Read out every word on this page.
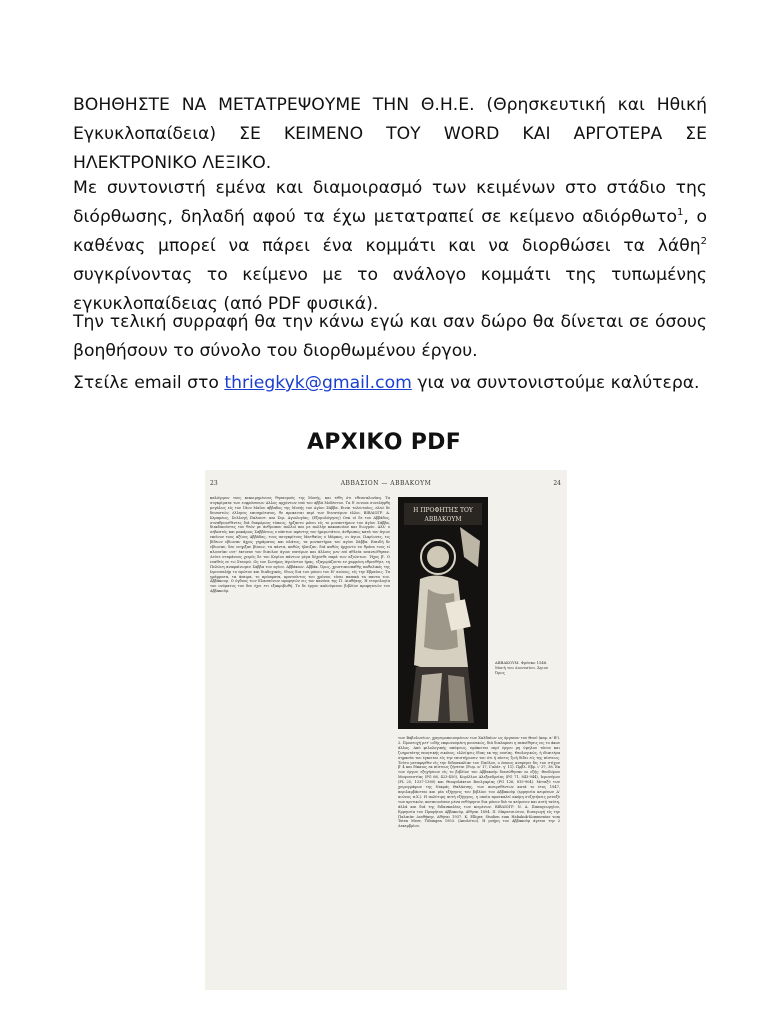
ΒΟΗΘΗΣΤΕ ΝΑ ΜΕΤΑΤΡΕΨΟΥΜΕ ΤΗΝ Θ.Η.Ε. (Θρησκευτική και Ηθική Εγκυκλοπαίδεια) ΣΕ ΚΕΙΜΕΝΟ ΤΟΥ WORD ΚΑΙ ΑΡΓΟΤΕΡΑ ΣΕ ΗΛΕΚΤΡΟΝΙΚΟ ΛΕΞΙΚΟ.

Με συντονιστή εμένα και διαμοιρασμό των κειμένων στο στάδιο της διόρθωσης, δηλαδή αφού τα έχω μετατραπεί σε κείμενο αδιόρθωτο$^1$, ο καθένας μπορεί να πάρει ένα κομμάτι και να διορθώσει τα λάθη$^2$ συγκρίνοντας το κείμενο με το ανάλογο κομμάτι της τυπωμένης εγκυκλοπαίδειας (από PDF φυσικά).

Την τελική συρραφή θα την κάνω εγώ και σαν δώρο θα δίνεται σε όσους βοηθήσουν το σύνολο του διορθωμένου έργου.

Στείλε email στο thriegkyk@gmail.com για να συντονιστούμε καλύτερα.

ΑΡΧΙΚΟ PDF
23	ΑΒΒΑΣΙΟΝ — ΑΒΒΑΚΟΥΜ	24
καλόγερον τους κεκοιμημένους θησαυρούς της Μονής, και τέθη ότι εθεσσαλονίκη. Τα συγκρίματα των ευφρόσυνων Αλλος αρχόντων υπό του αββά Μοδέστου. Τα δ' εννοια συνελήφθη μεγάλως είς τον 18ου Μαΐου αββαδος της Μονής του Αγίου Σάββα. Ειναι τελευταίος, ελεώ δε δυναστών, έλληνες επισημότατος, θε προκειται περί των δυνατέρων έλλοι. ΒΙΒΛΙΟΓΡ. Α. Κεραμέως, Συλλογή Παλαιστ. και Συρ. Αγιολογίας. (Εξομολόγησις) Ουκ οί δε του Αββάδος, συναθροισθέντες διά διαφόρους τόπους, ήρξαντο μόνοι είς το μοναστήριον του άγίου Σάββα, διεκδικούντες τον θεόν με άνθρωπον πολλοί και με πολλήν κακοποιίαν και διωγμόν. Αλλ' ο σεβαστός και μακάριος Σαββάτιος ο πάντων αφέντης του ήμερωτάτου, άνθρωπος κατά τον άγιον εκείνον τους αξίους Αββάδας, τους ασυγκρίτους Ματθαίος ο Μάρκος, οι άγιοι, Ιλαρίωνες, εις βίδεων εβίωσαν άχρις γηράματος και πλάτος, τα μοναστήρια του αγίου Σάββα. Επειδή δε εβίωσαν, δεν ενηρξαν βίαιον, τα πάντα, καθώς ήλπιζαν, διά καθώς ήρχοντο τα θρόνα τους εί πλουσίαν ουτ' έκτισαν τον διαυλον άγιον πατέρων και άλλους μεν επί αθλεία ανανεώθησαν. Δεύτε στεφάνους χειρός δε του Κυρίου πάντων μέγα δέχεσθε παρά των αξιώντων. Ήχος β'. Ο ευαθείς εν τω Σταυρώ. Ως του Σωτήρος άγνώστου ήμας, εξαγοράζοντο εν χαρμόνη εθρευθήτε, τη Πελώνη αναφαίνωμεν Σαββα του αγίου. Αββάκιον. Αββάκ. Όρος, χριστιανοπαθής καθολικός της Ιερουσαλήμ το πρώτον και διαδοχικός, ίδιως δια του μόνου του Η' αιώνος, είς την Εβραίοις. Τα γράμματα, τα άπειρα, το πρόσφατα, κρατούντος του χρόνου, είναι παπικά τα παντα του. Αββάκουμ. Ο όγδοος των Ελασσόνων προφητών εις τον κανόνα της Π. Διαθήκης. Η ετυμολογία του ονόματος του δεν έχει ετι εξακριβωθή. Το δε έργον καλούμενον βιβλίον προφητειών του Αββακούμ.
Η ΠΡΟΦΗΤΗΣ ΤΟΥ
ΑΒΒΑΚΟΥΜ
ΑΒΒΑΚΟΥΜ. Φρέσκο 1546. Μονή του Διονυσίου. Άγιον Όρος
των Βαβυλωνίων, χρησιμοποιουμένων των Χαλδαίων ως όργανον του Θεού (κεφ. α' Β'). 2. Προσευχή μετ' ωδής εκφωνουμένη μουσικώς, διά διαλαμπει η πεποίθησις εις το άκον άλλος. Από φιλολογικής απόψεως, πρόκειται περί έργου μη ύψηλου τόνου και ζωηροτάτης ποιητικής εικόνος, ελλείψεις ίδιας εκ της ουσίας. Θεολογικώς, ή ιδιαιτέρα σημασία του έγκειται είς την επιστήμωσιν του ότι ή πίστις ζωή δίδει είς της πίστεως. Τούτο μεταφερθέν είς την διδασκαλίαν του Παύλου, ο όποιος ανεφέρει δις τον στίχον β' 4 και δίκαιος εκ πίστεως ζήσεται (Ρωμ. α' 17, Γαλάτ. γ' 11). Πρβλ. Εβρ. ι' 37, 38. Εκ των έργων εξηγήσεων είς το βιβλίον του Αββακούμ διασώθησαν αι εξής: Θεοδώρου Μοψουεστίας (PG 66, 423-450), Κυρίλλου Αλεξανδρείας (PG 71, 843-944), Ιερωνύμου (PL 25, 1337-1380) και Θεοφυλάκτου Βουλγαρίας (PG 126, 819-904). Μεταξύ των χειρογράφων της Νεκράς Θαλάσσης, των ανευρεθέντων κατά το έτος 1947, περιλαμβάνεται και μία εξήγησις του βιβλίου του Αββακούμ (ερμηνεία κειμένων Α' αιώνος π.Χ.). Η πολύτιμη αυτή εξήγησις, η οποία προσκαλεί ακόμη συζητήσεις μεταξύ των κριτικών, κατανοούσαν μένα ενθύμησιν δια μόνον διά το κείμενον και αυτή ταύτη, άλλά και διά της διδασκαλίας των κειμένων. ΒΙΒΛΙΟΓΡ. Ν. Α. Παπαγεωργίου, Ερμηνεία του Προφήτου Αββακούμ, Αθήναι 1894. Π. Μπρατσιώτου, Εισαγωγή είς την Παλαιάν Διαθήκην, Αθήναι 1937. Κ. Elliger, Studien zum Habakuk-Kommentar vom Toten Meer, Tübingen 1953. (Απολύτιο). Η μνήμη του Αββακούμ άγεται την 2 Δεκεμβρίου.
